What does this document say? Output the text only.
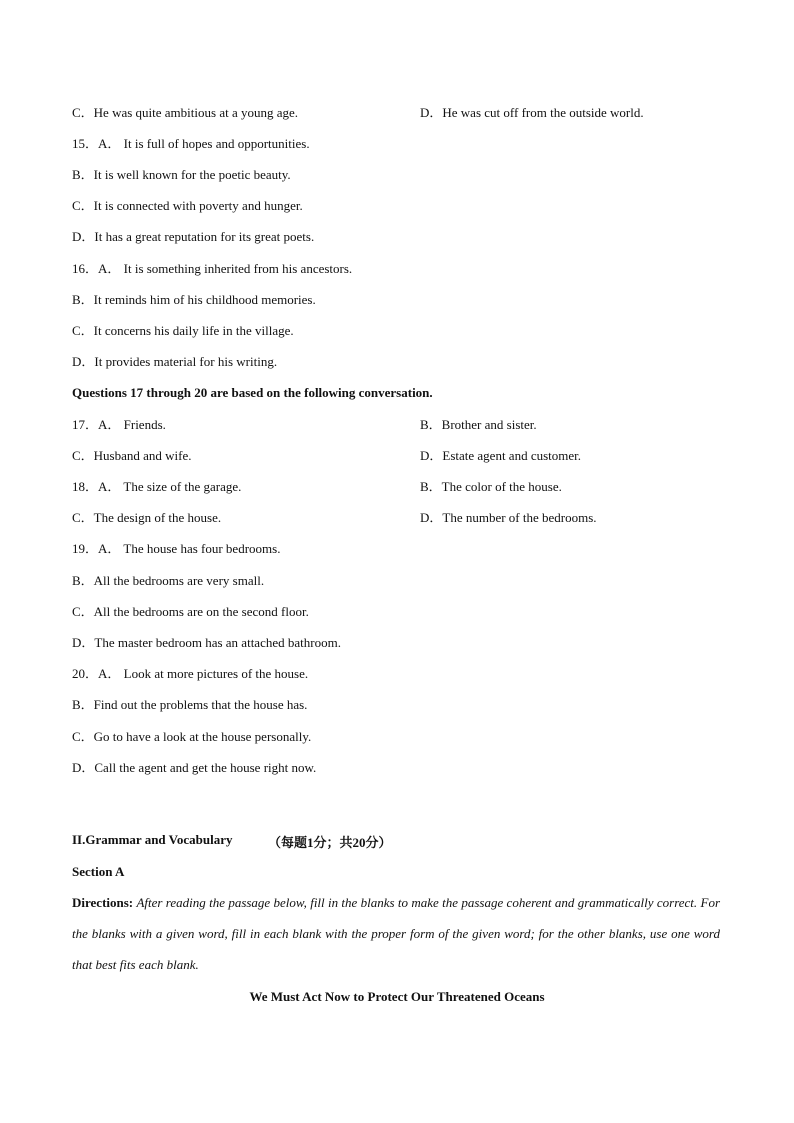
C．He was quite ambitious at a young age.	D．He was cut off from the outside world.
15．A． It is full of hopes and opportunities.
B．It is well known for the poetic beauty.
C．It is connected with poverty and hunger.
D．It has a great reputation for its great poets.
16．A． It is something inherited from his ancestors.
B．It reminds him of his childhood memories.
C．It concerns his daily life in the village.
D．It provides material for his writing.
Questions 17 through 20 are based on the following conversation.
17．A． Friends.	B．Brother and sister.
C．Husband and wife.	D．Estate agent and customer.
18．A． The size of the garage.	B．The color of the house.
C．The design of the house.	D．The number of the bedrooms.
19．A． The house has four bedrooms.
B．All the bedrooms are very small.
C．All the bedrooms are on the second floor.
D．The master bedroom has an attached bathroom.
20．A． Look at more pictures of the house.
B．Find out the problems that the house has.
C．Go to have a look at the house personally.
D．Call the agent and get the house right now.
II.Grammar and Vocabulary	（每题1分；共20分）
Section A
Directions: After reading the passage below, fill in the blanks to make the passage coherent and grammatically correct. For the blanks with a given word, fill in each blank with the proper form of the given word; for the other blanks, use one word that best fits each blank.
We Must Act Now to Protect Our Threatened Oceans
